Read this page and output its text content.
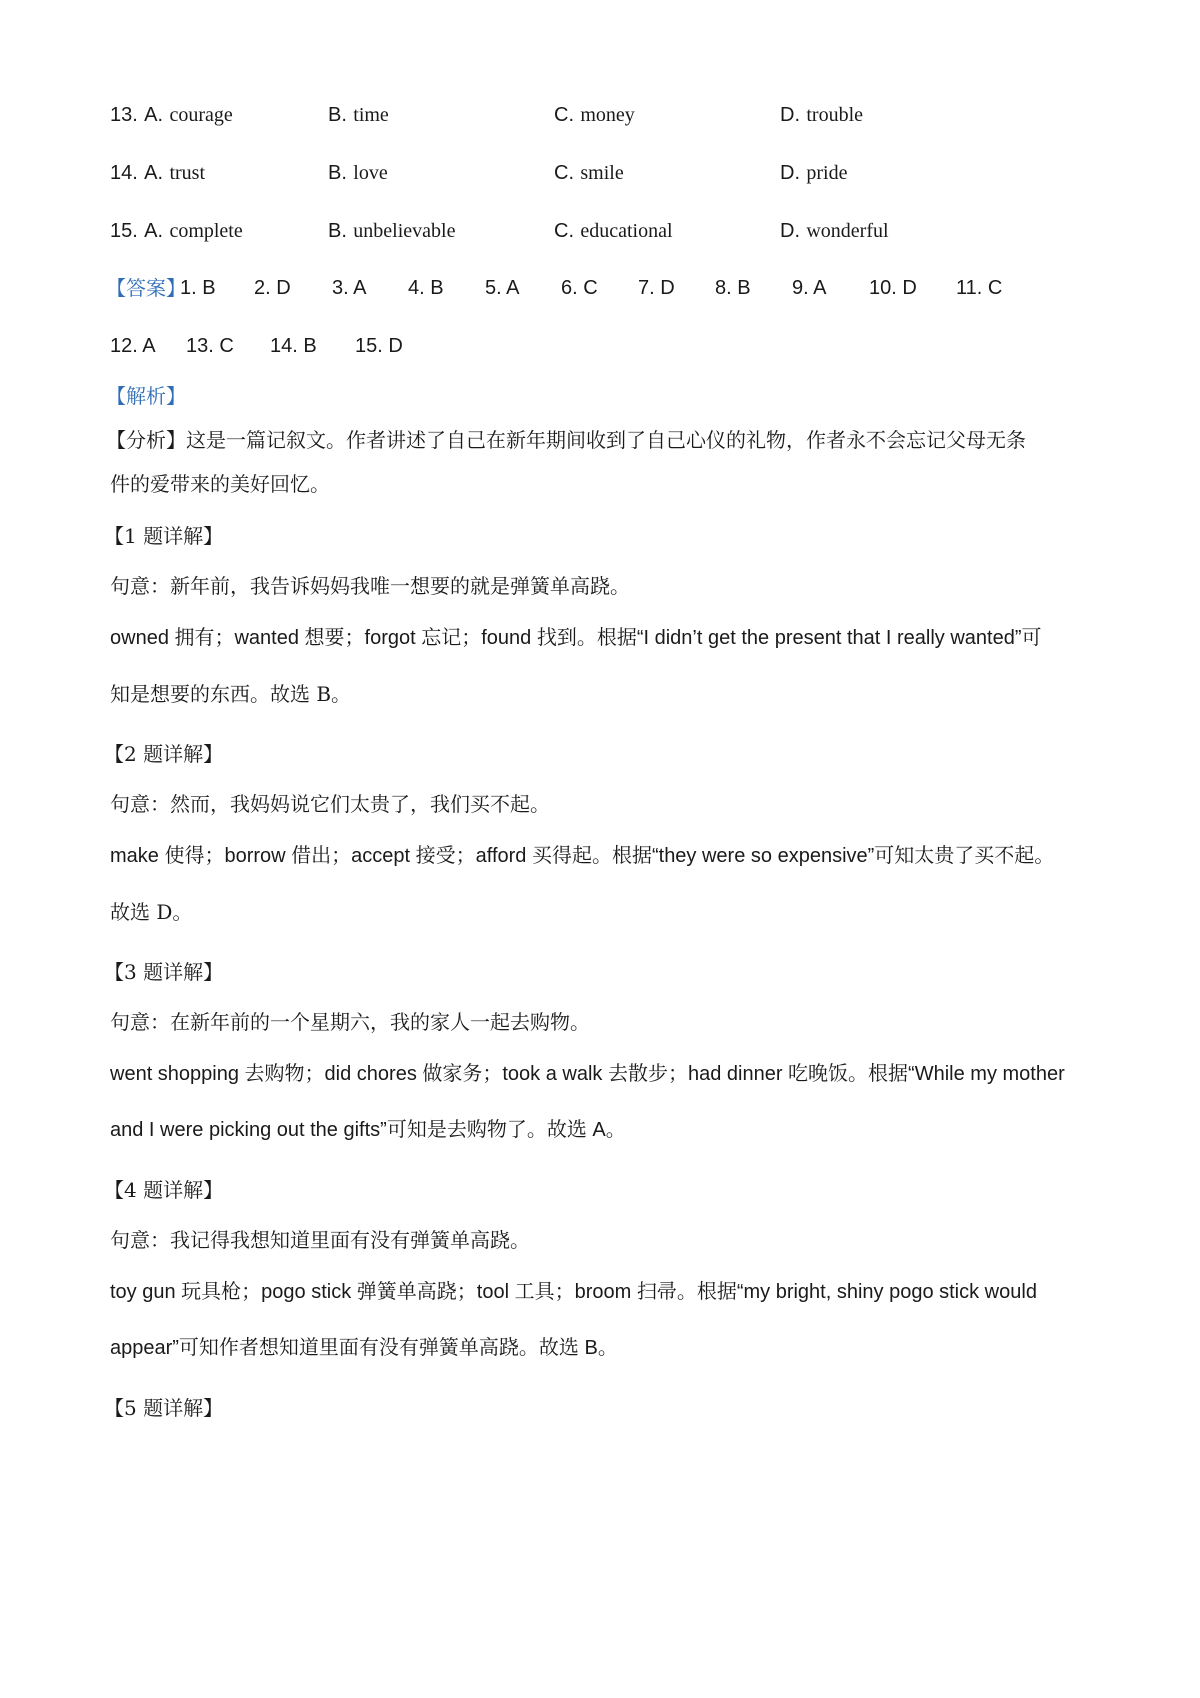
13. A. courage	B. time	C. money	D. trouble
14. A. trust	B. love	C. smile	D. pride
15. A. complete	B. unbelievable	C. educational	D. wonderful
【答案】
1. B 2. D 3. A 4. B 5. A 6. C 7. D 8. B 9. A 10. D 11. C
12. A 13. C 14. B 15. D
【解析】
【分析】这是一篇记叙文。作者讲述了自己在新年期间收到了自己心仪的礼物，作者永不会忘记父母无条
件的爱带来的美好回忆。
【1 题详解】
句意：新年前，我告诉妈妈我唯一想要的就是弹簧单高跷。
owned 拥有；wanted 想要；forgot 忘记；found 找到。根据“I didn’t get the present that I really wanted”可
知是想要的东西。故选 B。
【2 题详解】
句意：然而，我妈妈说它们太贵了，我们买不起。
make 使得；borrow 借出；accept 接受；afford 买得起。根据“they were so expensive”可知太贵了买不起。
故选 D。
【3 题详解】
句意：在新年前的一个星期六，我的家人一起去购物。
went shopping 去购物；did chores 做家务；took a walk 去散步；had dinner 吃晚饭。根据“While my mother
and I were picking out the gifts”可知是去购物了。故选 A。
【4 题详解】
句意：我记得我想知道里面有没有弹簧单高跷。
toy gun 玩具枪；pogo stick 弹簧单高跷；tool 工具；broom 扫帚。根据“my bright, shiny pogo stick would
appear”可知作者想知道里面有没有弹簧单高跷。故选 B。
【5 题详解】
